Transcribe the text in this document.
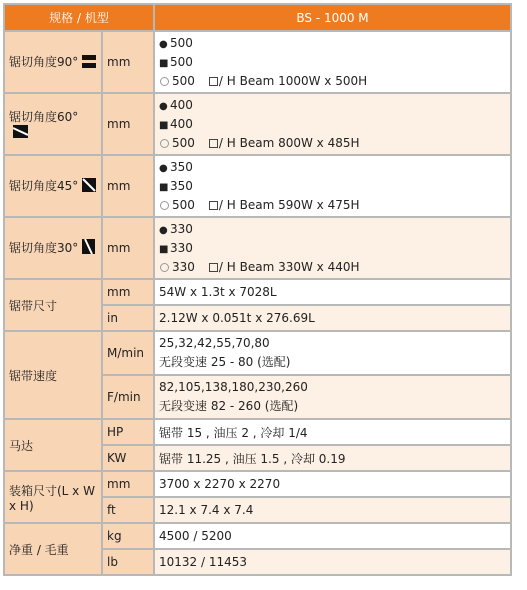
规格 / 机型		BS - 1000 M
锯切角度90°	mm	● 500
■ 500
500 / H Beam 1000W x 500H

锯切角度60°	mm	● 400
■ 400
500 / H Beam 800W x 485H

锯切角度45°	mm	● 350
■ 350
500 / H Beam 590W x 475H

锯切角度30°	mm	● 330
■ 330
330 / H Beam 330W x 440H

锯带尺寸	mm	54W x 1.3t x 7028L
	in	2.12W x 0.051t x 276.69L
锯带速度	M/min	25,32,42,55,70,80
无段变速 25 - 80 (选配)

	F/min	82,105,138,180,230,260
无段变速 82 - 260 (选配)

马达	HP	锯带 15 , 油压 2 , 冷却 1/4
	KW	锯带 11.25 , 油压 1.5 , 冷却 0.19
装箱尺寸(L x W x H)	mm	3700 x 2270 x 2270
	ft	12.1 x 7.4 x 7.4
净重 / 毛重	kg	4500 / 5200
	lb	10132 / 11453
